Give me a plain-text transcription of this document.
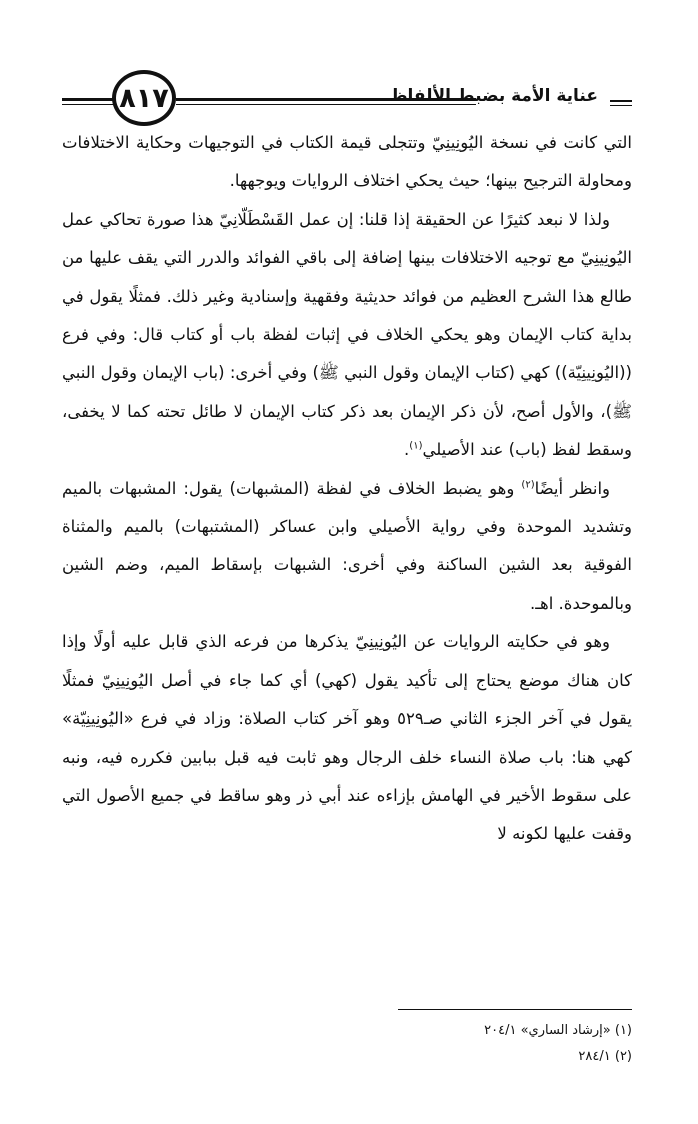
٨١٧	عناية الأمة بضبط الألفاظ

التي كانت في نسخة اليُونِينِيّ وتتجلى قيمة الكتاب في التوجيهات وحكاية الاختلافات ومحاولة الترجيح بينها؛ حيث يحكي اختلاف الروايات ويوجهها.

ولذا لا نبعد كثيرًا عن الحقيقة إذا قلنا: إن عمل القَسْطَلّانِيّ هذا صورة تحاكي عمل اليُونِينِيّ مع توجيه الاختلافات بينها إضافة إلى باقي الفوائد والدرر التي يقف عليها من طالع هذا الشرح العظيم من فوائد حديثية وفقهية وإسنادية وغير ذلك. فمثلًا يقول في بداية كتاب الإيمان وهو يحكي الخلاف في إثبات لفظة باب أو كتاب قال: وفي فرع ((اليُونِينِيّة)) كهي (كتاب الإيمان وقول النبي ﷺ) وفي أخرى: (باب الإيمان وقول النبي ﷺ)، والأول أصح، لأن ذكر الإيمان بعد ذكر كتاب الإيمان لا طائل تحته كما لا يخفى، وسقط لفظ (باب) عند الأصيلي$^{(١)}$.

وانظر أيضًا$^{(٢)}$ وهو يضبط الخلاف في لفظة (المشبهات) يقول: المشبهات بالميم وتشديد الموحدة وفي رواية الأصيلي وابن عساكر (المشتبهات) بالميم والمثناة الفوقية بعد الشين الساكنة وفي أخرى: الشبهات بإسقاط الميم، وضم الشين وبالموحدة. اهـ.

وهو في حكايته الروايات عن اليُونِينِيّ يذكرها من فرعه الذي قابل عليه أولًا وإذا كان هناك موضع يحتاج إلى تأكيد يقول (كهي) أي كما جاء في أصل اليُونِينِيّ فمثلًا يقول في آخر الجزء الثاني صـ٥٢٩ وهو آخر كتاب الصلاة: وزاد في فرع «اليُونِينِيّة» كهي هنا: باب صلاة النساء خلف الرجال وهو ثابت فيه قبل ببابين فكرره فيه، ونبه على سقوط الأخير في الهامش بإزاءه عند أبي ذر وهو ساقط في جميع الأصول التي وقفت عليها لكونه لا

(١) «إرشاد الساري» ٢٠٤/١
(٢) ٢٨٤/١
